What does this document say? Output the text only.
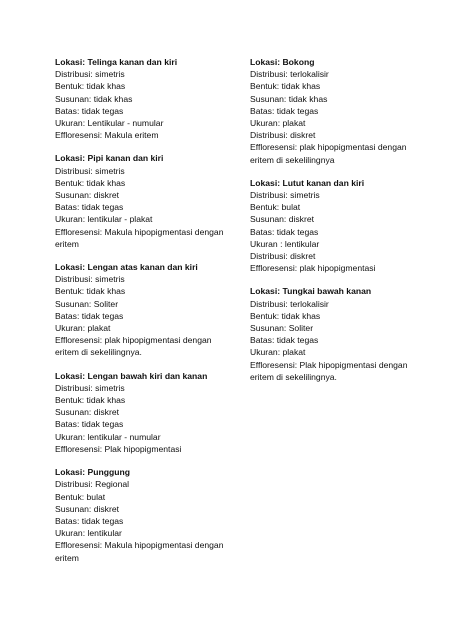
Lokasi: Telinga kanan dan kiri
Distribusi: simetris
Bentuk: tidak khas
Susunan: tidak khas
Batas: tidak tegas
Ukuran: Lentikular - numular
Effloresensi: Makula eritem
Lokasi: Pipi kanan dan kiri
Distribusi: simetris
Bentuk: tidak khas
Susunan: diskret
Batas: tidak tegas
Ukuran: lentikular - plakat
Effloresensi: Makula hipopigmentasi dengan eritem
Lokasi: Lengan atas kanan dan kiri
Distribusi: simetris
Bentuk: tidak khas
Susunan: Soliter
Batas: tidak tegas
Ukuran: plakat
Effloresensi: plak hipopigmentasi dengan eritem di sekelilingnya.
Lokasi: Lengan bawah kiri dan kanan
Distribusi: simetris
Bentuk: tidak khas
Susunan: diskret
Batas: tidak tegas
Ukuran: lentikular - numular
Effloresensi: Plak hipopigmentasi
Lokasi: Punggung
Distribusi: Regional
Bentuk: bulat
Susunan: diskret
Batas: tidak tegas
Ukuran: lentikular
Effloresensi: Makula hipopigmentasi dengan eritem
Lokasi: Bokong
Distribusi: terlokalisir
Bentuk: tidak khas
Susunan: tidak khas
Batas: tidak tegas
Ukuran: plakat
Distribusi: diskret
Effloresensi: plak hipopigmentasi dengan eritem di sekelilingnya
Lokasi: Lutut kanan dan kiri
Distribusi: simetris
Bentuk: bulat
Susunan: diskret
Batas: tidak tegas
Ukuran : lentikular
Distribusi: diskret
Effloresensi: plak hipopigmentasi
Lokasi: Tungkai bawah kanan
Distribusi: terlokalisir
Bentuk: tidak khas
Susunan: Soliter
Batas: tidak tegas
Ukuran: plakat
Effloresensi: Plak hipopigmentasi dengan eritem di sekelilingnya.
